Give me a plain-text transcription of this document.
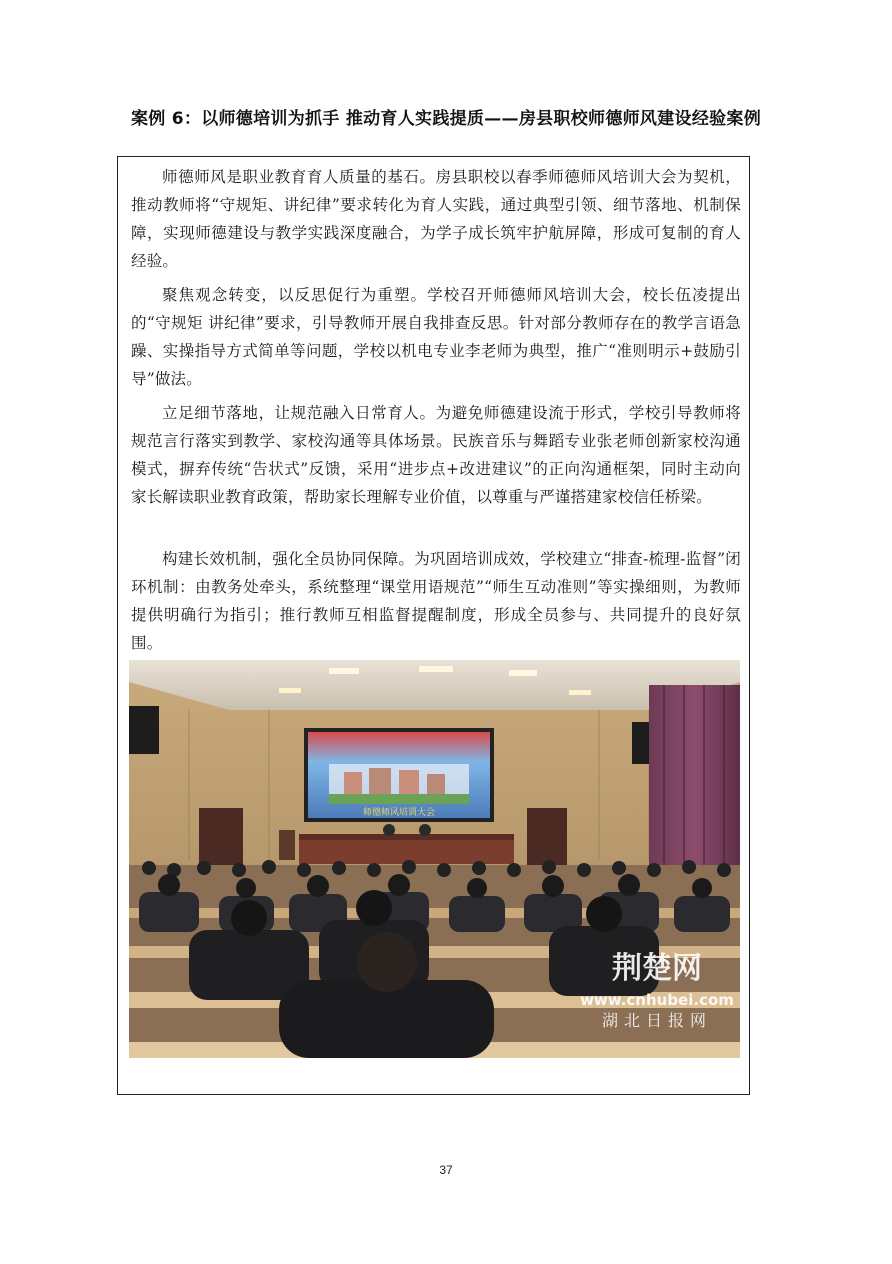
案例 6：以师德培训为抓手 推动育人实践提质——房县职校师德师风建设经验案例

师德师风是职业教育育人质量的基石。房县职校以春季师德师风培训大会为契机，推动教师将“守规矩、讲纪律”要求转化为育人实践，通过典型引领、细节落地、机制保障，实现师德建设与教学实践深度融合，为学子成长筑牢护航屏障，形成可复制的育人经验。

聚焦观念转变，以反思促行为重塑。学校召开师德师风培训大会，校长伍凌提出的“守规矩 讲纪律”要求，引导教师开展自我排查反思。针对部分教师存在的教学言语急躁、实操指导方式简单等问题，学校以机电专业李老师为典型，推广“准则明示+鼓励引导”做法。

立足细节落地，让规范融入日常育人。为避免师德建设流于形式，学校引导教师将规范言行落实到教学、家校沟通等具体场景。民族音乐与舞蹈专业张老师创新家校沟通模式，摒弃传统“告状式”反馈，采用“进步点+改进建议”的正向沟通框架，同时主动向家长解读职业教育政策，帮助家长理解专业价值，以尊重与严谨搭建家校信任桥梁。

构建长效机制，强化全员协同保障。为巩固培训成效，学校建立“排查-梳理-监督”闭环机制：由教务处牵头，系统整理“课堂用语规范”“师生互动准则”等实操细则，为教师提供明确行为指引；推行教师互相监督提醒制度，形成全员参与、共同提升的良好氛围。

师德师风培训大会
荆楚网
www.cnhubei.com
湖北日报网
37
